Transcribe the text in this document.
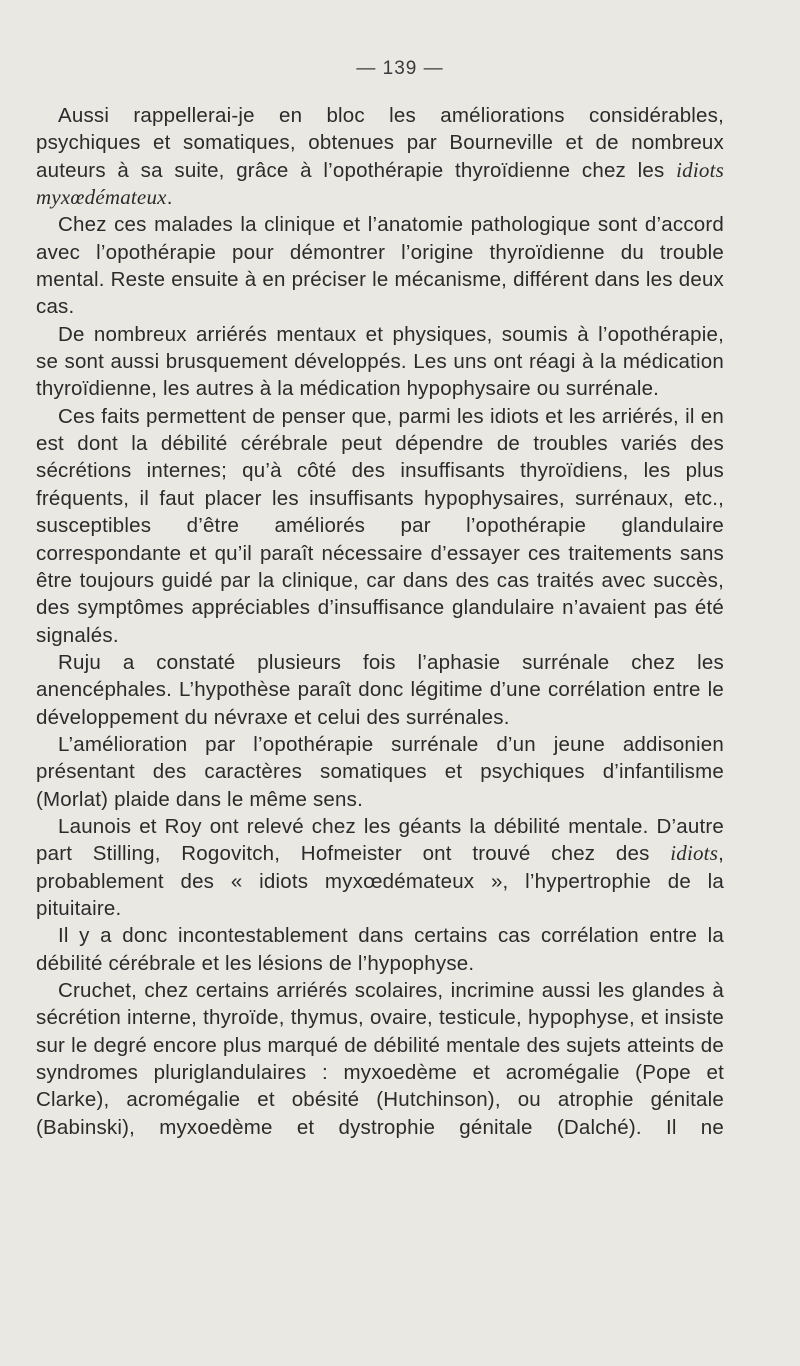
— 139 —

Aussi rappellerai-je en bloc les améliorations considérables, psychiques et somatiques, obtenues par Bourneville et de nombreux auteurs à sa suite, grâce à l’opothérapie thyroïdienne chez les idiots myxœdémateux.

Chez ces malades la clinique et l’anatomie pathologique sont d’accord avec l’opothérapie pour démontrer l’origine thyroïdienne du trouble mental. Reste ensuite à en préciser le mécanisme, différent dans les deux cas.

De nombreux arriérés mentaux et physiques, soumis à l’opothérapie, se sont aussi brusquement développés. Les uns ont réagi à la médication thyroïdienne, les autres à la médication hypophysaire ou surrénale.

Ces faits permettent de penser que, parmi les idiots et les arriérés, il en est dont la débilité cérébrale peut dépendre de troubles variés des sécrétions internes; qu’à côté des insuffisants thyroïdiens, les plus fréquents, il faut placer les insuffisants hypophysaires, surrénaux, etc., susceptibles d’être améliorés par l’opothérapie glandulaire correspondante et qu’il paraît nécessaire d’essayer ces traitements sans être toujours guidé par la clinique, car dans des cas traités avec succès, des symptômes appréciables d’insuffisance glandulaire n’avaient pas été signalés.

Ruju a constaté plusieurs fois l’aphasie surrénale chez les anencéphales. L’hypothèse paraît donc légitime d’une corrélation entre le développement du névraxe et celui des surrénales.

L’amélioration par l’opothérapie surrénale d’un jeune addisonien présentant des caractères somatiques et psychiques d’infantilisme (Morlat) plaide dans le même sens.

Launois et Roy ont relevé chez les géants la débilité mentale. D’autre part Stilling, Rogovitch, Hofmeister ont trouvé chez des idiots, probablement des « idiots myxœdémateux », l’hypertrophie de la pituitaire.

Il y a donc incontestablement dans certains cas corrélation entre la débilité cérébrale et les lésions de l’hypophyse.

Cruchet, chez certains arriérés scolaires, incrimine aussi les glandes à sécrétion interne, thyroïde, thymus, ovaire, testicule, hypophyse, et insiste sur le degré encore plus marqué de débilité mentale des sujets atteints de syndromes pluriglandulaires : myxoedème et acromégalie (Pope et Clarke), acromégalie et obésité (Hutchinson), ou atrophie génitale (Babinski), myxoedème et dystrophie génitale (Dalché). Il ne
